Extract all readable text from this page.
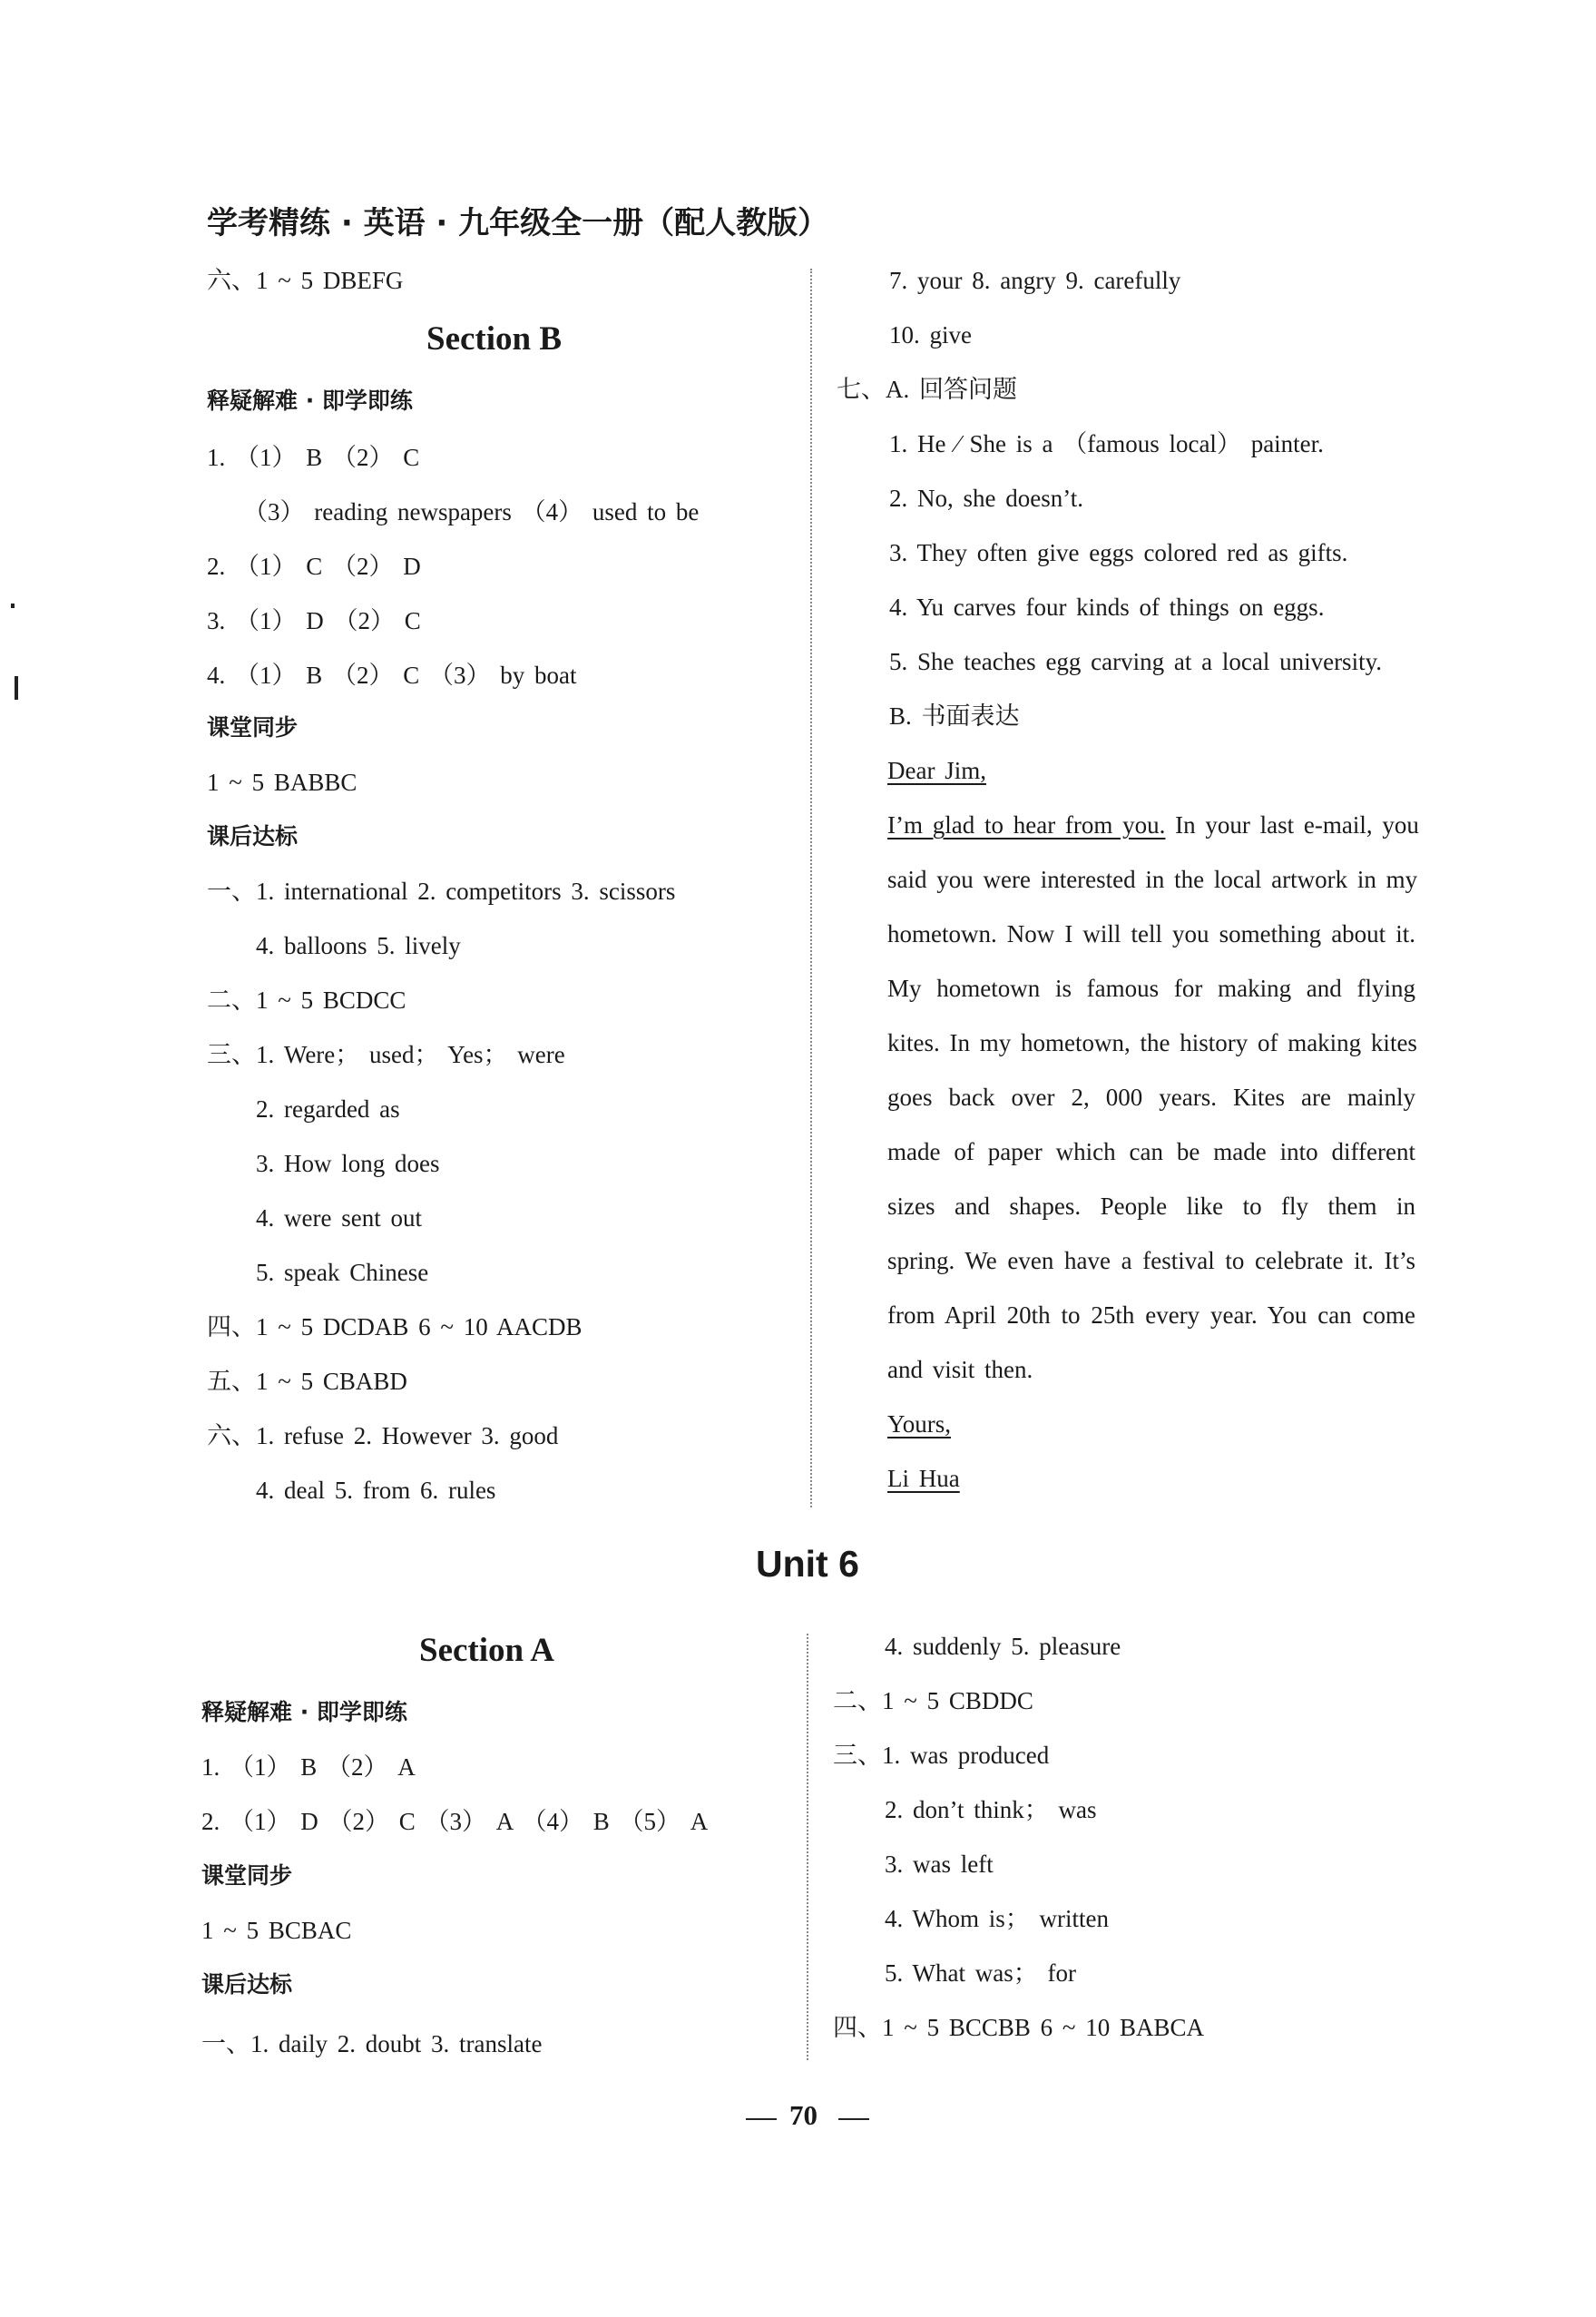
学考精练 · 英语 · 九年级全一册（配人教版）
六、1 ~ 5 DBEFG
Section B
释疑解难 · 即学即练
1. （1） B （2） C
（3） reading newspapers （4） used to be
2. （1） C （2） D
3. （1） D （2） C
4. （1） B （2） C （3） by boat
课堂同步
1 ~ 5 BABBC
课后达标
一、1. international 2. competitors 3. scissors
4. balloons 5. lively
二、1 ~ 5 BCDCC
三、1. Were； used； Yes； were
2. regarded as
3. How long does
4. were sent out
5. speak Chinese
四、1 ~ 5 DCDAB 6 ~ 10 AACDB
五、1 ~ 5 CBABD
六、1. refuse 2. However 3. good
4. deal 5. from 6. rules
7. your 8. angry 9. carefully
10. give
七、A. 回答问题
1. He ⁄ She is a （famous local） painter.
2. No, she doesn’t.
3. They often give eggs colored red as gifts.
4. Yu carves four kinds of things on eggs.
5. She teaches egg carving at a local university.
B. 书面表达
Dear Jim,
I’m glad to hear from you. In your last e-mail, you
said you were interested in the local artwork in my
hometown. Now I will tell you something about it.
My hometown is famous for making and flying
kites. In my hometown, the history of making kites
goes back over 2, 000 years. Kites are mainly
made of paper which can be made into different
sizes and shapes. People like to fly them in
spring. We even have a festival to celebrate it. It’s
from April 20th to 25th every year. You can come
and visit then.
Yours,
Li Hua
Unit 6
Section A
释疑解难 · 即学即练
1. （1） B （2） A
2. （1） D （2） C （3） A （4） B （5） A
课堂同步
1 ~ 5 BCBAC
课后达标
一、1. daily 2. doubt 3. translate
4. suddenly 5. pleasure
二、1 ~ 5 CBDDC
三、1. was produced
2. don’t think； was
3. was left
4. Whom is； written
5. What was； for
四、1 ~ 5 BCCBB 6 ~ 10 BABCA
70
